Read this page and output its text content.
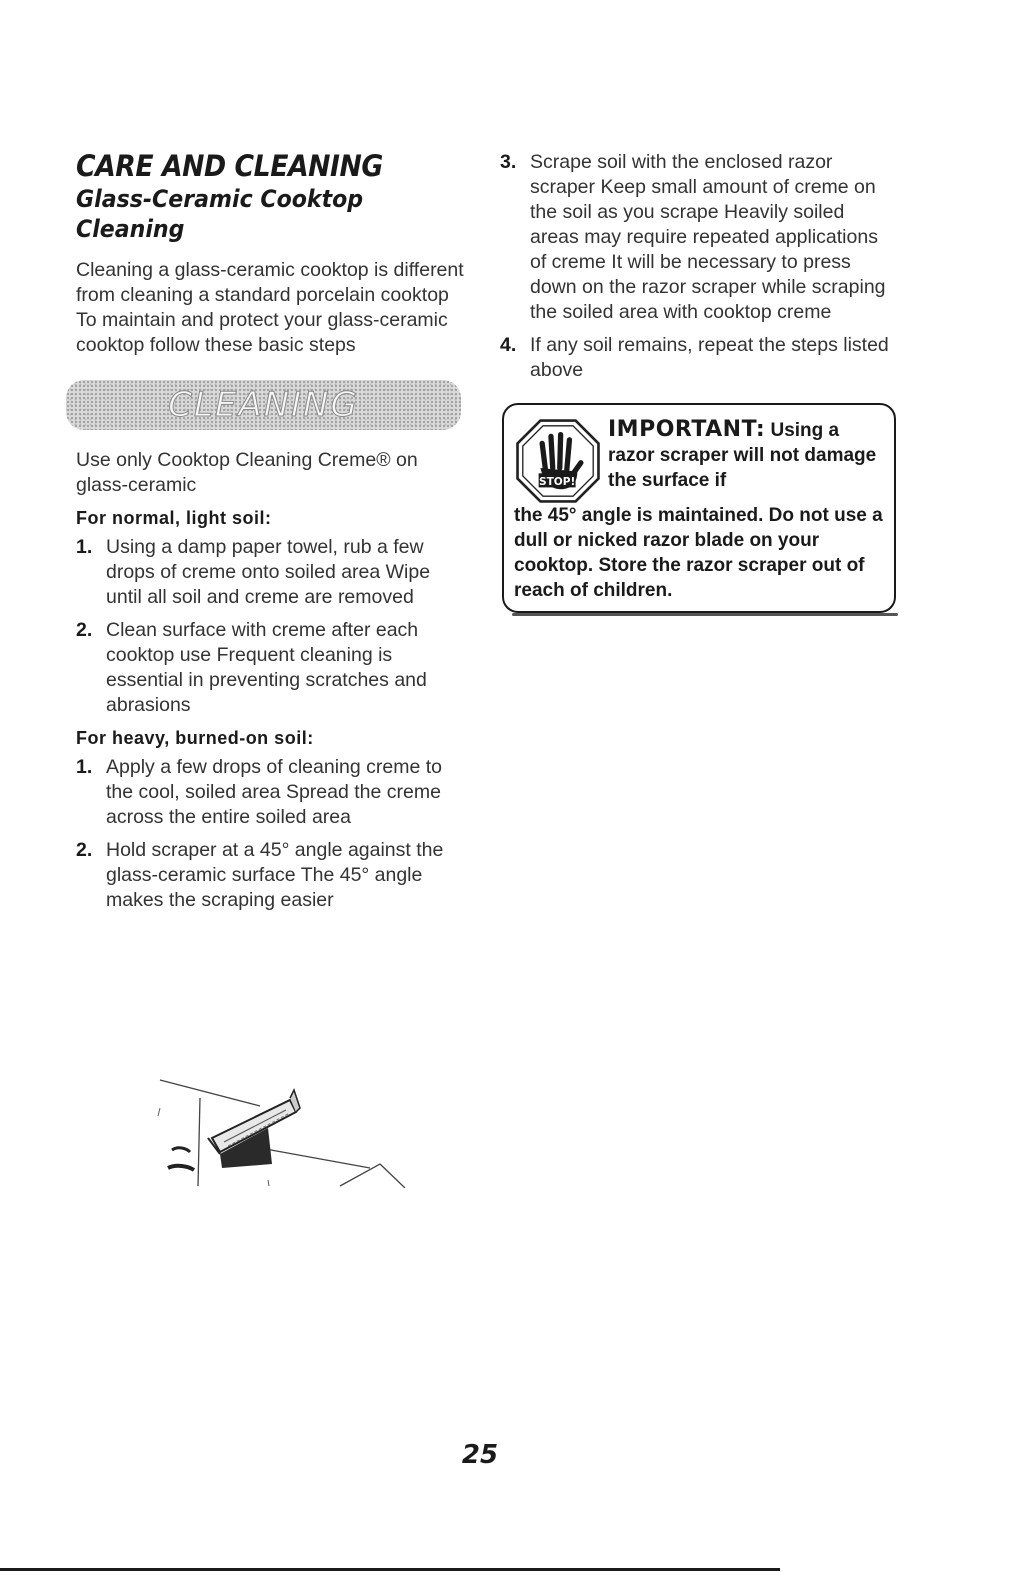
CARE AND CLEANING
Glass-Ceramic Cooktop Cleaning

Cleaning a glass-ceramic cooktop is different from cleaning a standard porcelain cooktop To maintain and protect your glass-ceramic cooktop follow these basic steps

CLEANING

Use only Cooktop Cleaning Creme® on glass-ceramic

For normal, light soil:
1. Using a damp paper towel, rub a few drops of creme onto soiled area Wipe until all soil and creme are removed
2. Clean surface with creme after each cooktop use Frequent cleaning is essential in preventing scratches and abrasions
For heavy, burned-on soil:
1. Apply a few drops of cleaning creme to the cool, soiled area Spread the creme across the entire soiled area
2. Hold scraper at a 45° angle against the glass-ceramic surface The 45° angle makes the scraping easier
3. Scrape soil with the enclosed razor scraper Keep small amount of creme on the soil as you scrape Heavily soiled areas may require repeated applications of creme It will be necessary to press down on the razor scraper while scraping the soiled area with cooktop creme
4. If any soil remains, repeat the steps listed above
STOP!
IMPORTANT: Using a razor scraper will not damage the surface if
the 45° angle is maintained. Do not use a dull or nicked razor blade on your cooktop. Store the razor scraper out of reach of children.
25
